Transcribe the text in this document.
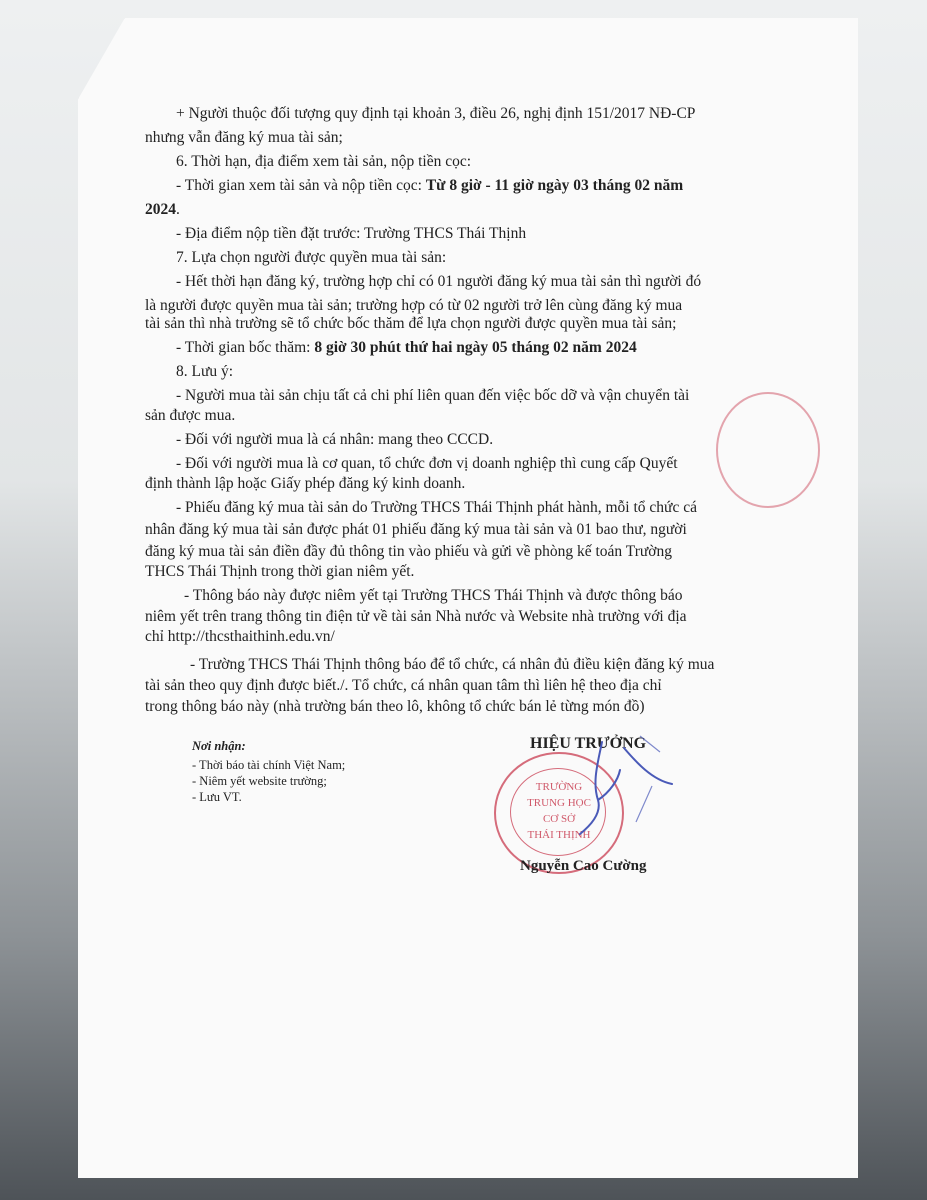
+ Người thuộc đối tượng quy định tại khoản 3, điều 26, nghị định 151/2017 NĐ-CP
nhưng vẫn đăng ký mua tài sản;
6. Thời hạn, địa điểm xem tài sản, nộp tiền cọc:
- Thời gian xem tài sản và nộp tiền cọc: Từ 8 giờ - 11 giờ ngày 03 tháng 02 năm
2024.
- Địa điểm nộp tiền đặt trước: Trường THCS Thái Thịnh
7. Lựa chọn người được quyền mua tài sản:
- Hết thời hạn đăng ký, trường hợp chỉ có 01 người đăng ký mua tài sản thì người đó
là người được quyền mua tài sản; trường hợp có từ 02 người trở lên cùng đăng ký mua
tài sản thì nhà trường sẽ tổ chức bốc thăm để lựa chọn người được quyền mua tài sản;
- Thời gian bốc thăm: 8 giờ 30 phút thứ hai ngày 05 tháng 02 năm 2024
8. Lưu ý:
- Người mua tài sản chịu tất cả chi phí liên quan đến việc bốc dỡ và vận chuyển tài
sản được mua.
- Đối với người mua là cá nhân: mang theo CCCD.
- Đối với người mua là cơ quan, tổ chức đơn vị doanh nghiệp thì cung cấp Quyết
định thành lập hoặc Giấy phép đăng ký kinh doanh.
- Phiếu đăng ký mua tài sản do Trường THCS Thái Thịnh phát hành, mỗi tổ chức cá
nhân đăng ký mua tài sản được phát 01 phiếu đăng ký mua tài sản và 01 bao thư, người
đăng ký mua tài sản điền đầy đủ thông tin vào phiếu và gửi về phòng kế toán Trường
THCS Thái Thịnh trong thời gian niêm yết.
- Thông báo này được niêm yết tại Trường THCS Thái Thịnh và được thông báo
niêm yết trên trang thông tin điện tử về tài sản Nhà nước và Website nhà trường với địa
chỉ http://thcsthaithinh.edu.vn/
- Trường THCS Thái Thịnh thông báo để tổ chức, cá nhân đủ điều kiện đăng ký mua
tài sản theo quy định được biết./. Tổ chức, cá nhân quan tâm thì liên hệ theo địa chỉ
trong thông báo này (nhà trường bán theo lô, không tổ chức bán lẻ từng món đồ)
Nơi nhận:
- Thời báo tài chính Việt Nam;
- Niêm yết website trường;
- Lưu VT.
HIỆU TRƯỞNG
TRƯỜNG
TRUNG HỌC
CƠ SỞ
THÁI THỊNH
Nguyễn Cao Cường
